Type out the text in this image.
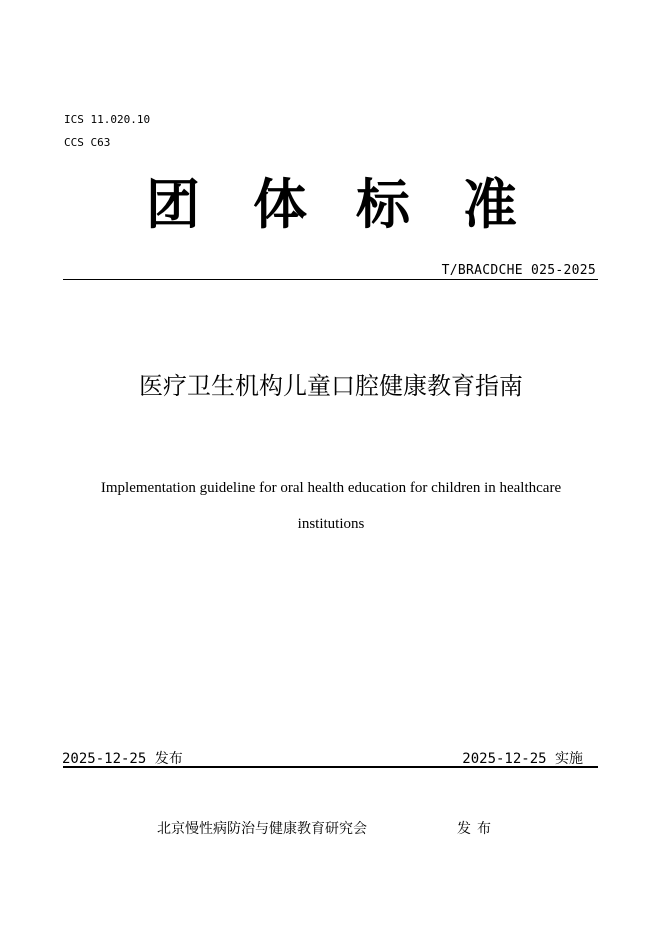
ICS 11.020.10
CCS C63
团 体 标 准
T/BRACDCHE 025-2025
医疗卫生机构儿童口腔健康教育指南
Implementation guideline for oral health education for children in healthcare institutions
2025-12-25 发布	2025-12-25 实施
北京慢性病防治与健康教育研究会	发布
